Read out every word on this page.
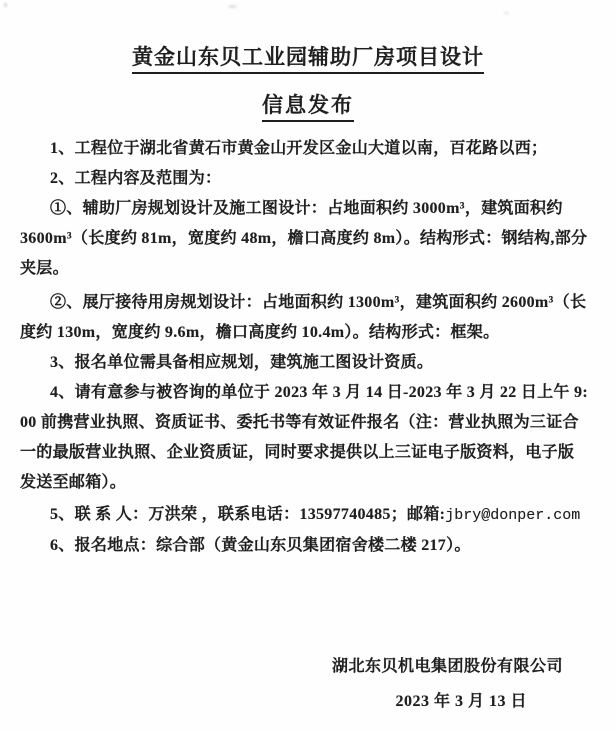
黄金山东贝工业园辅助厂房项目设计
信息发布
1、工程位于湖北省黄石市黄金山开发区金山大道以南，百花路以西；
2、工程内容及范围为：
①、辅助厂房规划设计及施工图设计：占地面积约 3000m³，建筑面积约
3600m³（长度约 81m，宽度约 48m，檐口高度约 8m）。结构形式：钢结构,部分
夹层。
②、展厅接待用房规划设计：占地面积约 1300m³，建筑面积约 2600m³（长
度约 130m，宽度约 9.6m，檐口高度约 10.4m）。结构形式：框架。
3、报名单位需具备相应规划，建筑施工图设计资质。
4、请有意参与被咨询的单位于 2023 年 3 月 14 日-2023 年 3 月 22 日上午 9:
00 前携营业执照、资质证书、委托书等有效证件报名（注：营业执照为三证合
一的最版营业执照、企业资质证，同时要求提供以上三证电子版资料，电子版
发送至邮箱）。
5、联 系 人：万洪荣 ，联系电话：13597740485；邮箱:jbry@donper.com
6、报名地点：综合部（黄金山东贝集团宿舍楼二楼 217）。
湖北东贝机电集团股份有限公司
2023 年 3 月 13 日
